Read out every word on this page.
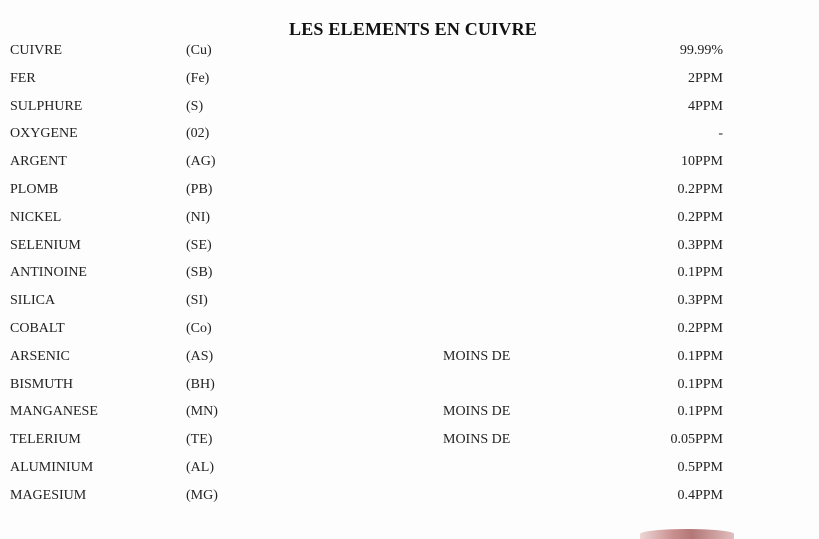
LES ELEMENTS EN CUIVRE
CUIVRE	(Cu)	99.99%
FER	(Fe)	2PPM
SULPHURE	(S)	4PPM
OXYGENE	(02)	-
ARGENT	(AG)	10PPM
PLOMB	(PB)	0.2PPM
NICKEL	(NI)	0.2PPM
SELENIUM	(SE)	0.3PPM
ANTINOINE	(SB)	0.1PPM
SILICA	(SI)	0.3PPM
COBALT	(Co)	0.2PPM
ARSENIC	(AS)	MOINS DE	0.1PPM
BISMUTH	(BH)	0.1PPM
MANGANESE	(MN)	MOINS DE	0.1PPM
TELERIUM	(TE)	MOINS DE	0.05PPM
ALUMINIUM	(AL)	0.5PPM
MAGESIUM	(MG)	0.4PPM
